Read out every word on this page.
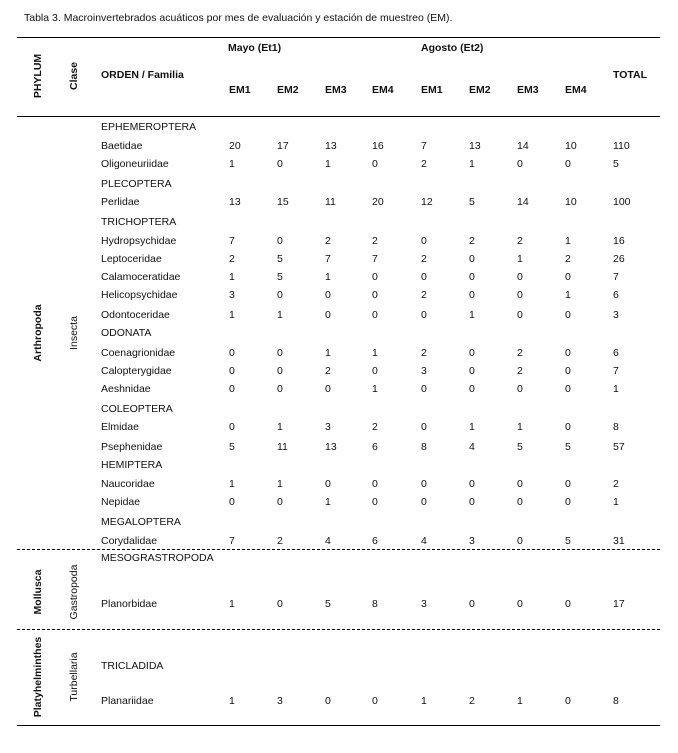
Tabla 3. Macroinvertebrados acuáticos por mes de evaluación y estación de muestreo (EM).
PHYLUM Clase ORDEN / Familia
Mayo (Et1)	Agosto (Et2)
TOTAL
EM1	EM2	EM3 EM4	EM1	EM2	EM3	EM4
Arthropoda Insecta
EPHEMEROPTERA
Baetidae	20	17	13	16	7	13	14	10	110
Oligoneuriidae	1	0	1	0	2	1	0	0	5
PLECOPTERA
Perlidae	13	15	11	20	12	5	14	10	100
TRICHOPTERA
Hydropsychidae	7	0	2	2	0	2	2	1	16
Leptoceridae	2	5	7	7	2	0	1	2	26
Calamoceratidae	1	5	1	0	0	0	0	0	7
Helicopsychidae	3	0	0	0	2	0	0	1	6
Odontoceridae	1	1	0	0	0	1	0	0	3
ODONATA
Coenagrionidae	0	0	1	1	2	0	2	0	6
Calopterygidae	0	0	2	0	3	0	2	0	7
Aeshnidae	0	0	0	1	0	0	0	0	1
COLEOPTERA
Elmidae	0	1	3	2	0	1	1	0	8
Psephenidae	5	11	13	6	8	4	5	5	57
HEMIPTERA
Naucoridae	1	1	0	0	0	0	0	0	2
Nepidae	0	0	1	0	0	0	0	0	1
MEGALOPTERA
Corydalidae	7	2	4	6	4	3	0	5	31
Mollusca Gastropoda
MESOGRASTROPODA
Planorbidae	1	0	5	8	3	0	0	0	17
Platyhelminthes Turbellaria TRICLADIDA
Planariidae	1	3	0	0	1	2	1	0	8
